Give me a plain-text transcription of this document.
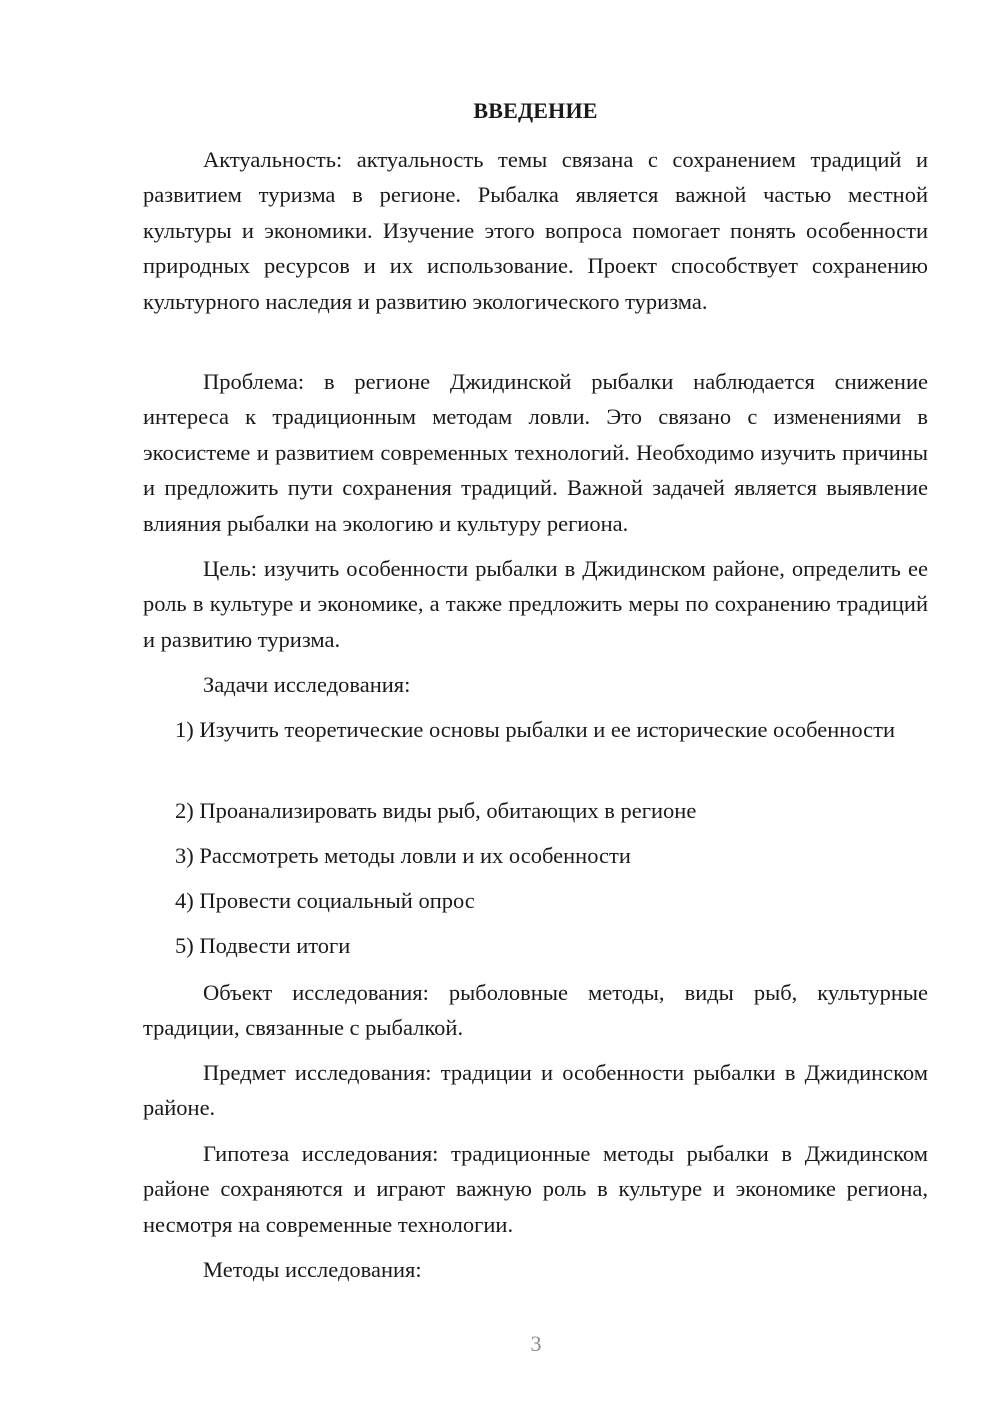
ВВЕДЕНИЕ

Актуальность: актуальность темы связана с сохранением традиций и развитием туризма в регионе. Рыбалка является важной частью местной культуры и экономики. Изучение этого вопроса помогает понять особенности природных ресурсов и их использование. Проект способствует сохранению культурного наследия и развитию экологического туризма.

Проблема: в регионе Джидинской рыбалки наблюдается снижение интереса к традиционным методам ловли. Это связано с изменениями в экосистеме и развитием современных технологий. Необходимо изучить причины и предложить пути сохранения традиций. Важной задачей является выявление влияния рыбалки на экологию и культуру региона.

Цель: изучить особенности рыбалки в Джидинском районе, определить ее роль в культуре и экономике, а также предложить меры по сохранению традиций и развитию туризма.

Задачи исследования:

1) Изучить теоретические основы рыбалки и ее исторические особенности

2) Проанализировать виды рыб, обитающих в регионе

3) Рассмотреть методы ловли и их особенности

4) Провести социальный опрос

5) Подвести итоги

Объект исследования: рыболовные методы, виды рыб, культурные традиции, связанные с рыбалкой.

Предмет исследования: традиции и особенности рыбалки в Джидинском районе.

Гипотеза исследования: традиционные методы рыбалки в Джидинском районе сохраняются и играют важную роль в культуре и экономике региона, несмотря на современные технологии.

Методы исследования:

3
